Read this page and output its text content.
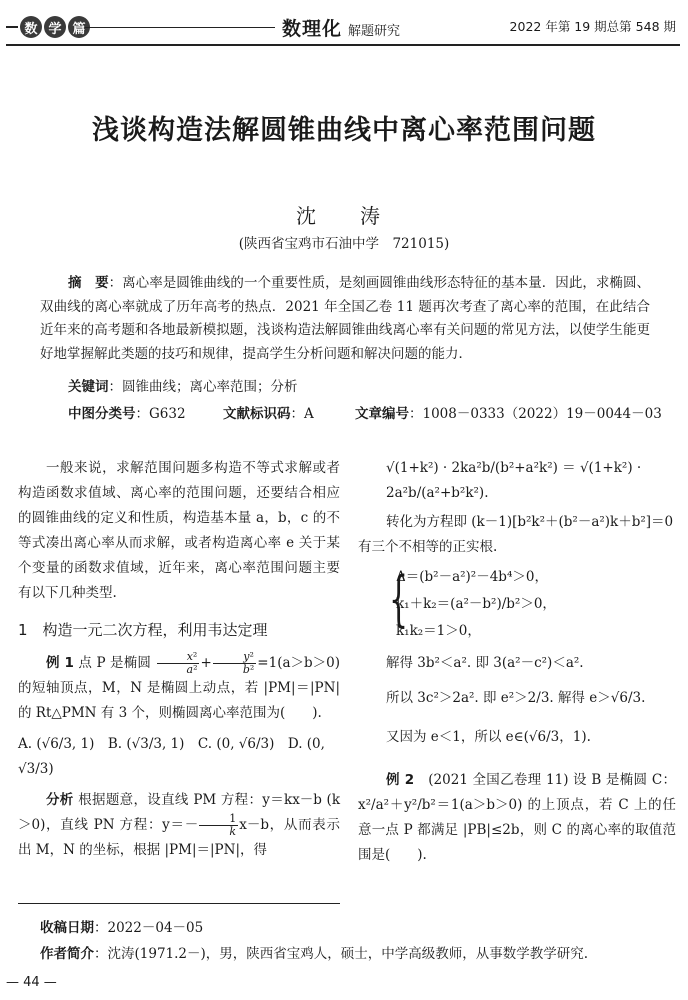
数 学 篇	数理化 解题研究	2022 年第 19 期总第 548 期
浅谈构造法解圆锥曲线中离心率范围问题
沈　涛
(陕西省宝鸡市石油中学　721015)
摘　要：离心率是圆锥曲线的一个重要性质，是刻画圆锥曲线形态特征的基本量．因此，求椭圆、双曲线的离心率就成了历年高考的热点．2021 年全国乙卷 11 题再次考查了离心率的范围，在此结合近年来的高考题和各地最新模拟题，浅谈构造法解圆锥曲线离心率有关问题的常见方法，以使学生能更好地掌握解此类题的技巧和规律，提高学生分析问题和解决问题的能力．
关键词：圆锥曲线；离心率范围；分析
中图分类号：G632	文献标识码：A	文章编号：1008－0333（2022）19－0044－03
一般来说，求解范围问题多构造不等式求解或者构造函数求值域、离心率的范围问题，还要结合相应的圆锥曲线的定义和性质，构造基本量 a，b，c 的不等式凑出离心率从而求解，或者构造离心率 e 关于某个变量的函数求值域，近年来，离心率范围问题主要有以下几种类型.
1　构造一元二次方程，利用韦达定理
例 1 点 P 是椭圆 $\frac{\text{x²}}{\text{a²}} + \frac{\text{y²}}{\text{b²}} =1(a>b>0)$ 的短轴顶点，M，N 是椭圆上动点，若 |PM|＝|PN| 的 Rt△PMN 有 3 个，则椭圆离心率范围为(　　).
A. (√6/3, 1)　B. (√3/3, 1)　C. (0, √6/3)　D. (0, √3/3)
分析 根据题意，设直线 PM 方程：y＝kx－b (k＞0)，直线 PN 方程：$y=- \frac{1}{k} x-b$，从而表示出 M，N 的坐标，根据 |PM|＝|PN|，得
√(1+k²) · 2ka²b/(b²+a²k²) ＝ √(1+k²) · 2a²b/(a²+b²k²).
转化为方程即 (k－1)[b²k²＋(b²－a²)k＋b²]＝0 有三个不相等的正实根.
{
Δ＝(b²－a²)²－4b⁴＞0，
k₁＋k₂＝(a²－b²)/b²＞0，
k₁k₂＝1＞0，
解得 3b²＜a². 即 3(a²－c²)＜a².
所以 3c²＞2a². 即 e²＞2/3. 解得 e＞√6/3.
又因为 e＜1，所以 e∈(√6/3，1).
例 2　 (2021 全国乙卷理 11) 设 B 是椭圆 C：x²/a²＋y²/b²＝1(a＞b＞0) 的上顶点，若 C 上的任意一点 P 都满足 |PB|≤2b，则 C 的离心率的取值范围是(　　).
收稿日期：2022－04－05
作者简介：沈涛(1971.2－)，男，陕西省宝鸡人，硕士，中学高级教师，从事数学教学研究.
— 44 —
